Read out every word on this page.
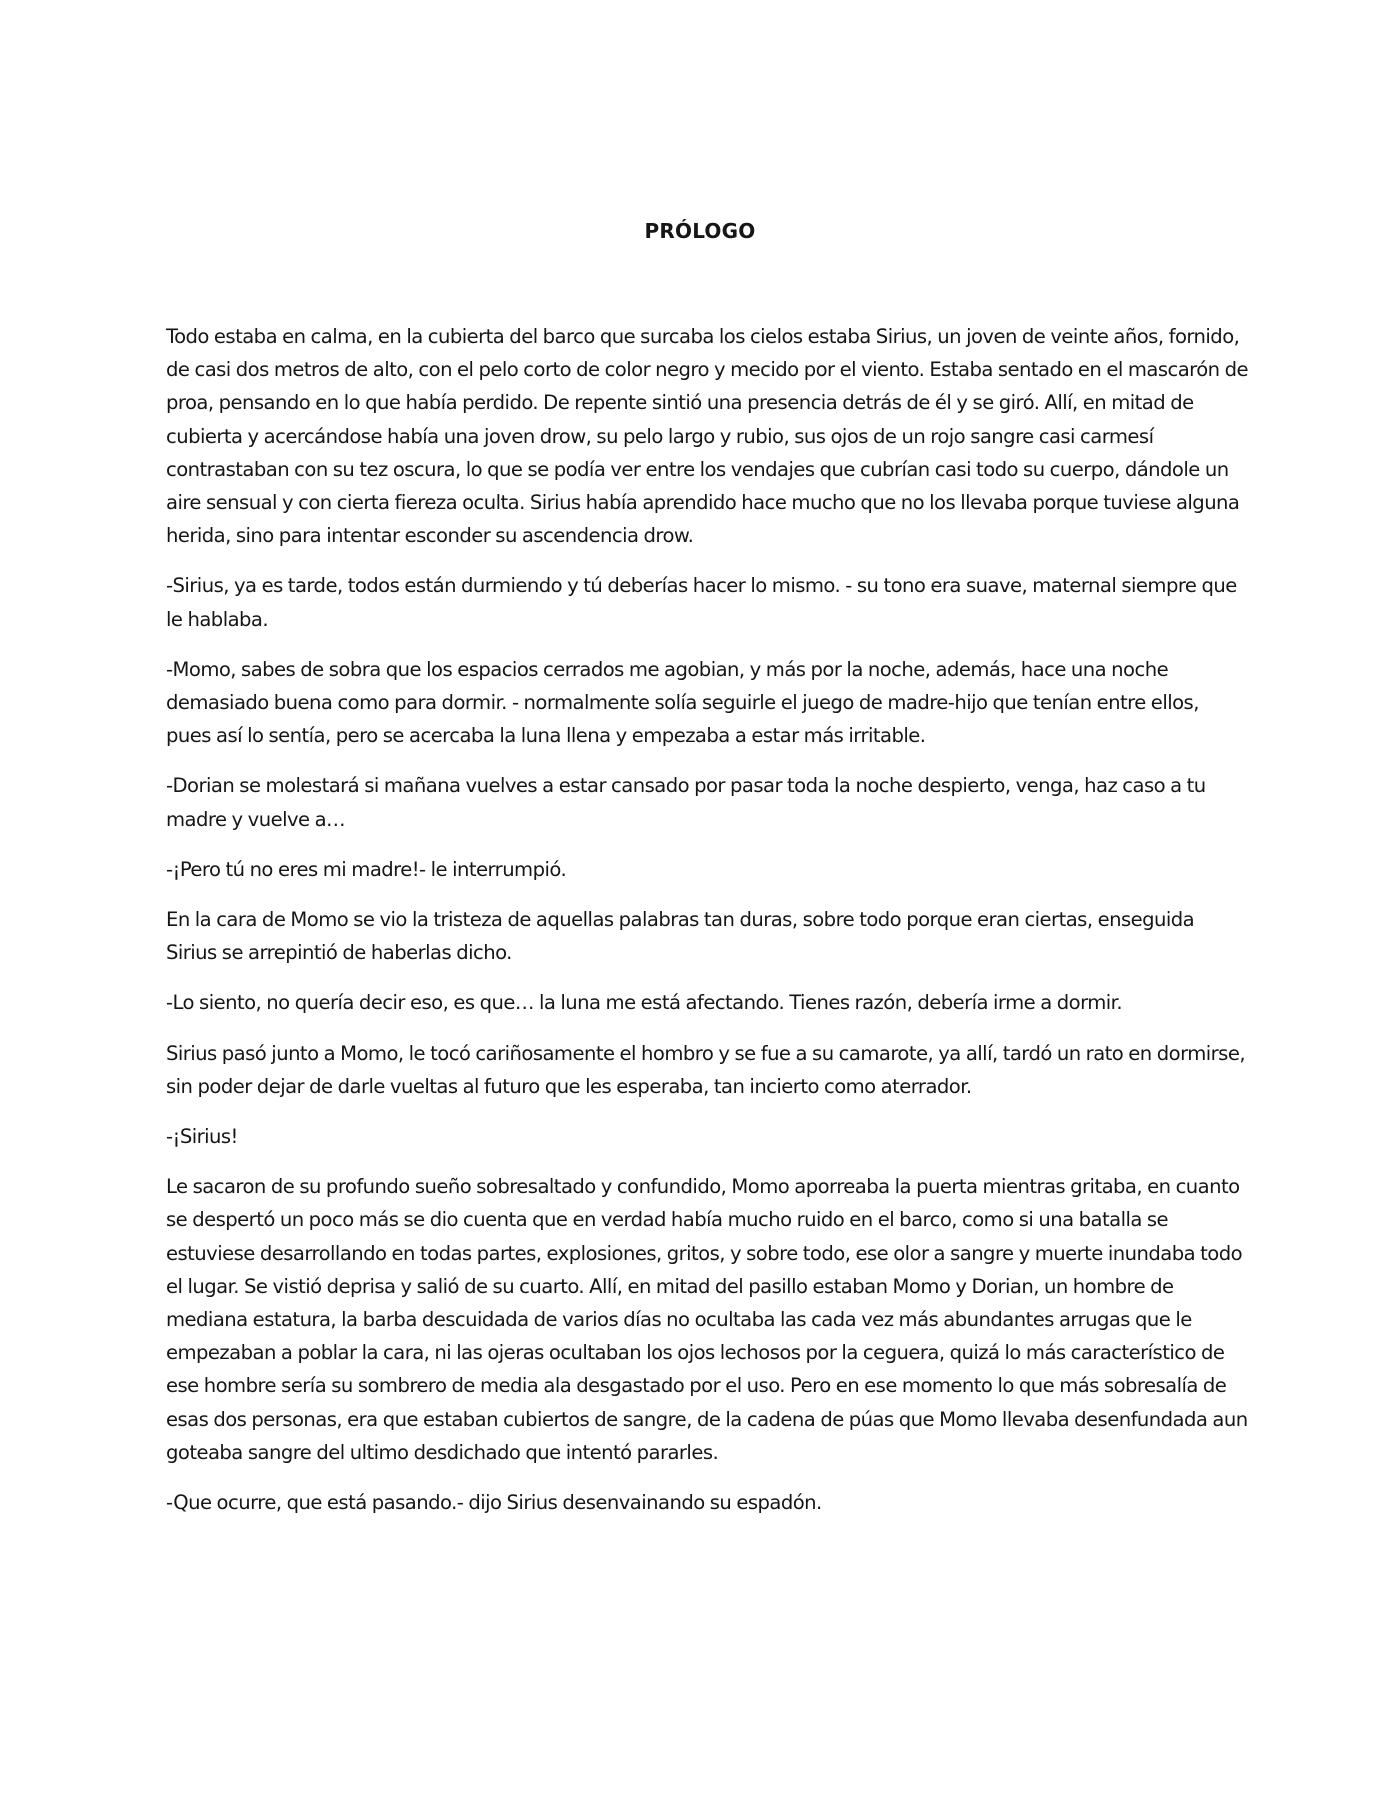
PRÓLOGO

Todo estaba en calma, en la cubierta del barco que surcaba los cielos estaba Sirius, un joven de veinte años, fornido, de casi dos metros de alto, con el pelo corto de color negro y mecido por el viento. Estaba sentado en el mascarón de proa, pensando en lo que había perdido. De repente sintió una presencia detrás de él y se giró. Allí, en mitad de cubierta y acercándose había una joven drow, su pelo largo y rubio, sus ojos de un rojo sangre casi carmesí contrastaban con su tez oscura, lo que se podía ver entre los vendajes que cubrían casi todo su cuerpo, dándole un aire sensual y con cierta fiereza oculta. Sirius había aprendido hace mucho que no los llevaba porque tuviese alguna herida, sino para intentar esconder su ascendencia drow.

-Sirius, ya es tarde, todos están durmiendo y tú deberías hacer lo mismo. - su tono era suave, maternal siempre que le hablaba.

-Momo, sabes de sobra que los espacios cerrados me agobian, y más por la noche, además, hace una noche demasiado buena como para dormir. - normalmente solía seguirle el juego de madre-hijo que tenían entre ellos, pues así lo sentía, pero se acercaba la luna llena y empezaba a estar más irritable.

-Dorian se molestará si mañana vuelves a estar cansado por pasar toda la noche despierto, venga, haz caso a tu madre y vuelve a…

-¡Pero tú no eres mi madre!- le interrumpió.

En la cara de Momo se vio la tristeza de aquellas palabras tan duras, sobre todo porque eran ciertas, enseguida Sirius se arrepintió de haberlas dicho.

-Lo siento, no quería decir eso, es que… la luna me está afectando. Tienes razón, debería irme a dormir.

Sirius pasó junto a Momo, le tocó cariñosamente el hombro y se fue a su camarote, ya allí, tardó un rato en dormirse, sin poder dejar de darle vueltas al futuro que les esperaba, tan incierto como aterrador.

-¡Sirius!

Le sacaron de su profundo sueño sobresaltado y confundido, Momo aporreaba la puerta mientras gritaba, en cuanto se despertó un poco más se dio cuenta que en verdad había mucho ruido en el barco, como si una batalla se estuviese desarrollando en todas partes, explosiones, gritos, y sobre todo, ese olor a sangre y muerte inundaba todo el lugar. Se vistió deprisa y salió de su cuarto. Allí, en mitad del pasillo estaban Momo y Dorian, un hombre de mediana estatura, la barba descuidada de varios días no ocultaba las cada vez más abundantes arrugas que le empezaban a poblar la cara, ni las ojeras ocultaban los ojos lechosos por la ceguera, quizá lo más característico de ese hombre sería su sombrero de media ala desgastado por el uso. Pero en ese momento lo que más sobresalía de esas dos personas, era que estaban cubiertos de sangre, de la cadena de púas que Momo llevaba desenfundada aun goteaba sangre del ultimo desdichado que intentó pararles.

-Que ocurre, que está pasando.- dijo Sirius desenvainando su espadón.
